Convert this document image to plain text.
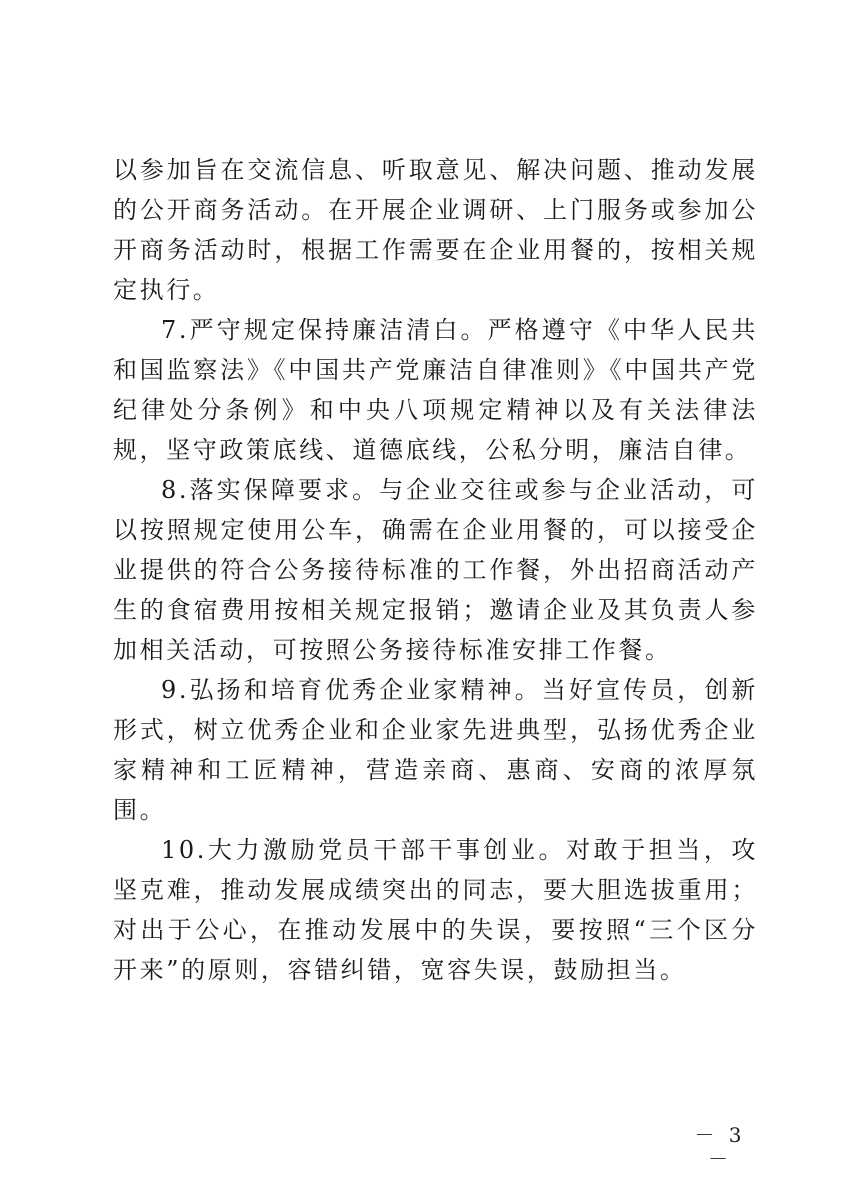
以参加旨在交流信息、听取意见、解决问题、推动发展的公开商务活动。在开展企业调研、上门服务或参加公开商务活动时，根据工作需要在企业用餐的，按相关规定执行。

7.严守规定保持廉洁清白。严格遵守《中华人民共和国监察法》《中国共产党廉洁自律准则》《中国共产党纪律处分条例》和中央八项规定精神以及有关法律法规，坚守政策底线、道德底线，公私分明，廉洁自律。

8.落实保障要求。与企业交往或参与企业活动，可以按照规定使用公车，确需在企业用餐的，可以接受企业提供的符合公务接待标准的工作餐，外出招商活动产生的食宿费用按相关规定报销；邀请企业及其负责人参加相关活动，可按照公务接待标准安排工作餐。

9.弘扬和培育优秀企业家精神。当好宣传员，创新形式，树立优秀企业和企业家先进典型，弘扬优秀企业家精神和工匠精神，营造亲商、惠商、安商的浓厚氛围。

10.大力激励党员干部干事创业。对敢于担当，攻坚克难，推动发展成绩突出的同志，要大胆选拔重用；对出于公心，在推动发展中的失误，要按照“三个区分开来”的原则，容错纠错，宽容失误，鼓励担当。

－ 3 －
